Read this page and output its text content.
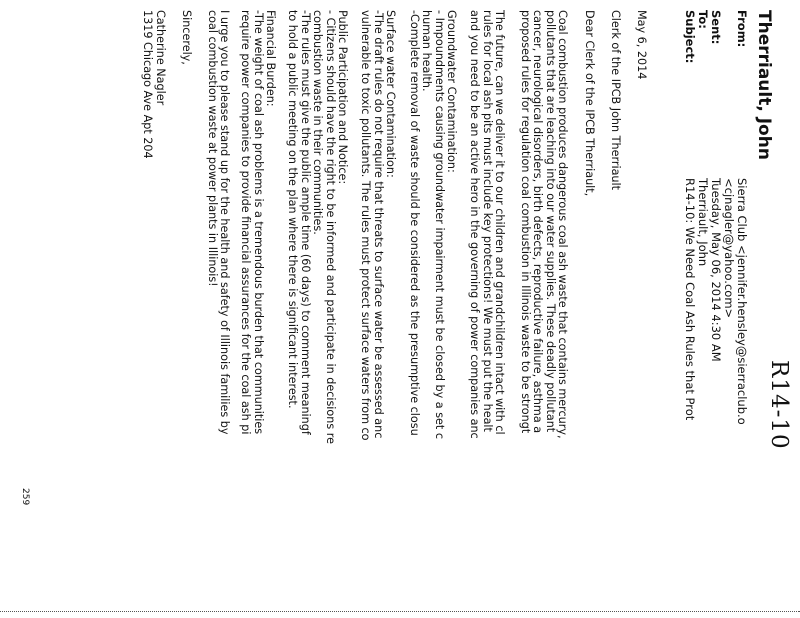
R14-10
Therriault, John
From:
Sierra Club <jennifer.hensley@sierraclub.o
<cjnagler@yahoo.com>
Sent:
Tuesday, May 06, 2014 4:30 AM
To:
Therriault, John
Subject:
R14-10: We Need Coal Ash Rules that Prot
May 6, 2014
Clerk of the IPCB John Therriault
Dear Clerk of the IPCB Therriault,
Coal combustion produces dangerous coal ash waste that contains mercury,
pollutants that are leaching into our water supplies. These deadly pollutant
cancer, neurological disorders, birth defects, reproductive failure, asthma a
proposed rules for regulation coal combustion in Illinois waste to be strongt
The future, can we deliver it to our children and grandchildren intact with cl
rules for local ash pits must include key protections! We must put the healt
and you need to be an active hero in the governing of power companies anc
Groundwater Contamination:
- Impoundments causing groundwater impairment must be closed by a set c
human health.
-Complete removal of waste should be considered as the presumptive closu
Surface water Contamination:
-The draft rules do not require that threats to surface water be assessed anc
vulnerable to toxic pollutants. The rules must protect surface waters from co
Public Participation and Notice:
- Citizens should have the right to be informed and participate in decisions re
combustion waste in their communities.
-The rules must give the public ample time (60 days) to comment meaningf
to hold a public meeting on the plan where there is significant interest.
Financial Burden:
-The weight of coal ash problems is a tremendous burden that communities
require power companies to provide financial assurances for the coal ash pi
I urge you to please stand up for the health and safety of Illinois families by
coal combustion waste at power plants in Illinois!
Sincerely,
Catherine Nagler
1319 Chicago Ave Apt 204
259
